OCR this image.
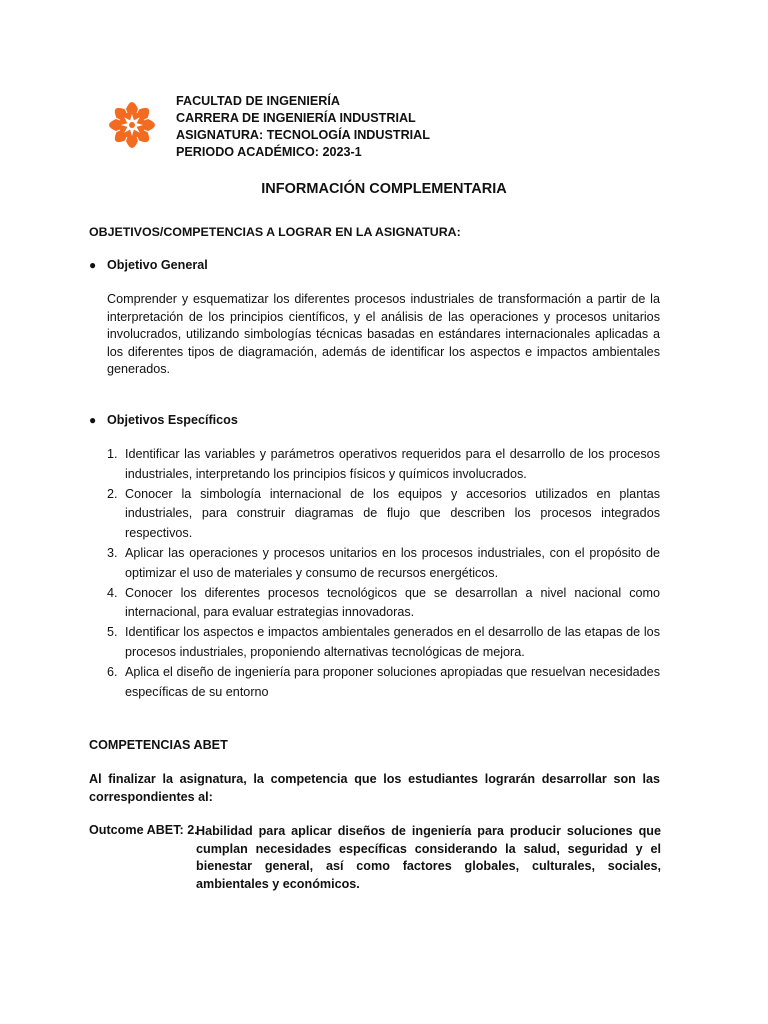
FACULTAD DE INGENIERÍA
CARRERA DE INGENIERÍA INDUSTRIAL
ASIGNATURA: TECNOLOGÍA INDUSTRIAL
PERIODO ACADÉMICO: 2023-1
INFORMACIÓN COMPLEMENTARIA
OBJETIVOS/COMPETENCIAS A LOGRAR EN LA ASIGNATURA:
● Objetivo General
Comprender y esquematizar los diferentes procesos industriales de transformación a partir de la interpretación de los principios científicos, y el análisis de las operaciones y procesos unitarios involucrados, utilizando simbologías técnicas basadas en estándares internacionales aplicadas a los diferentes tipos de diagramación, además de identificar los aspectos e impactos ambientales generados.
● Objetivos Específicos
1. Identificar las variables y parámetros operativos requeridos para el desarrollo de los procesos industriales, interpretando los principios físicos y químicos involucrados.
2. Conocer la simbología internacional de los equipos y accesorios utilizados en plantas industriales, para construir diagramas de flujo que describen los procesos integrados respectivos.
3. Aplicar las operaciones y procesos unitarios en los procesos industriales, con el propósito de optimizar el uso de materiales y consumo de recursos energéticos.
4. Conocer los diferentes procesos tecnológicos que se desarrollan a nivel nacional como internacional, para evaluar estrategias innovadoras.
5. Identificar los aspectos e impactos ambientales generados en el desarrollo de las etapas de los procesos industriales, proponiendo alternativas tecnológicas de mejora.
6. Aplica el diseño de ingeniería para proponer soluciones apropiadas que resuelvan necesidades específicas de su entorno
COMPETENCIAS ABET
Al finalizar la asignatura, la competencia que los estudiantes lograrán desarrollar son las correspondientes al:
Outcome ABET: 2.
Habilidad para aplicar diseños de ingeniería para producir soluciones que cumplan necesidades específicas considerando la salud, seguridad y el bienestar general, así como factores globales, culturales, sociales, ambientales y económicos.
